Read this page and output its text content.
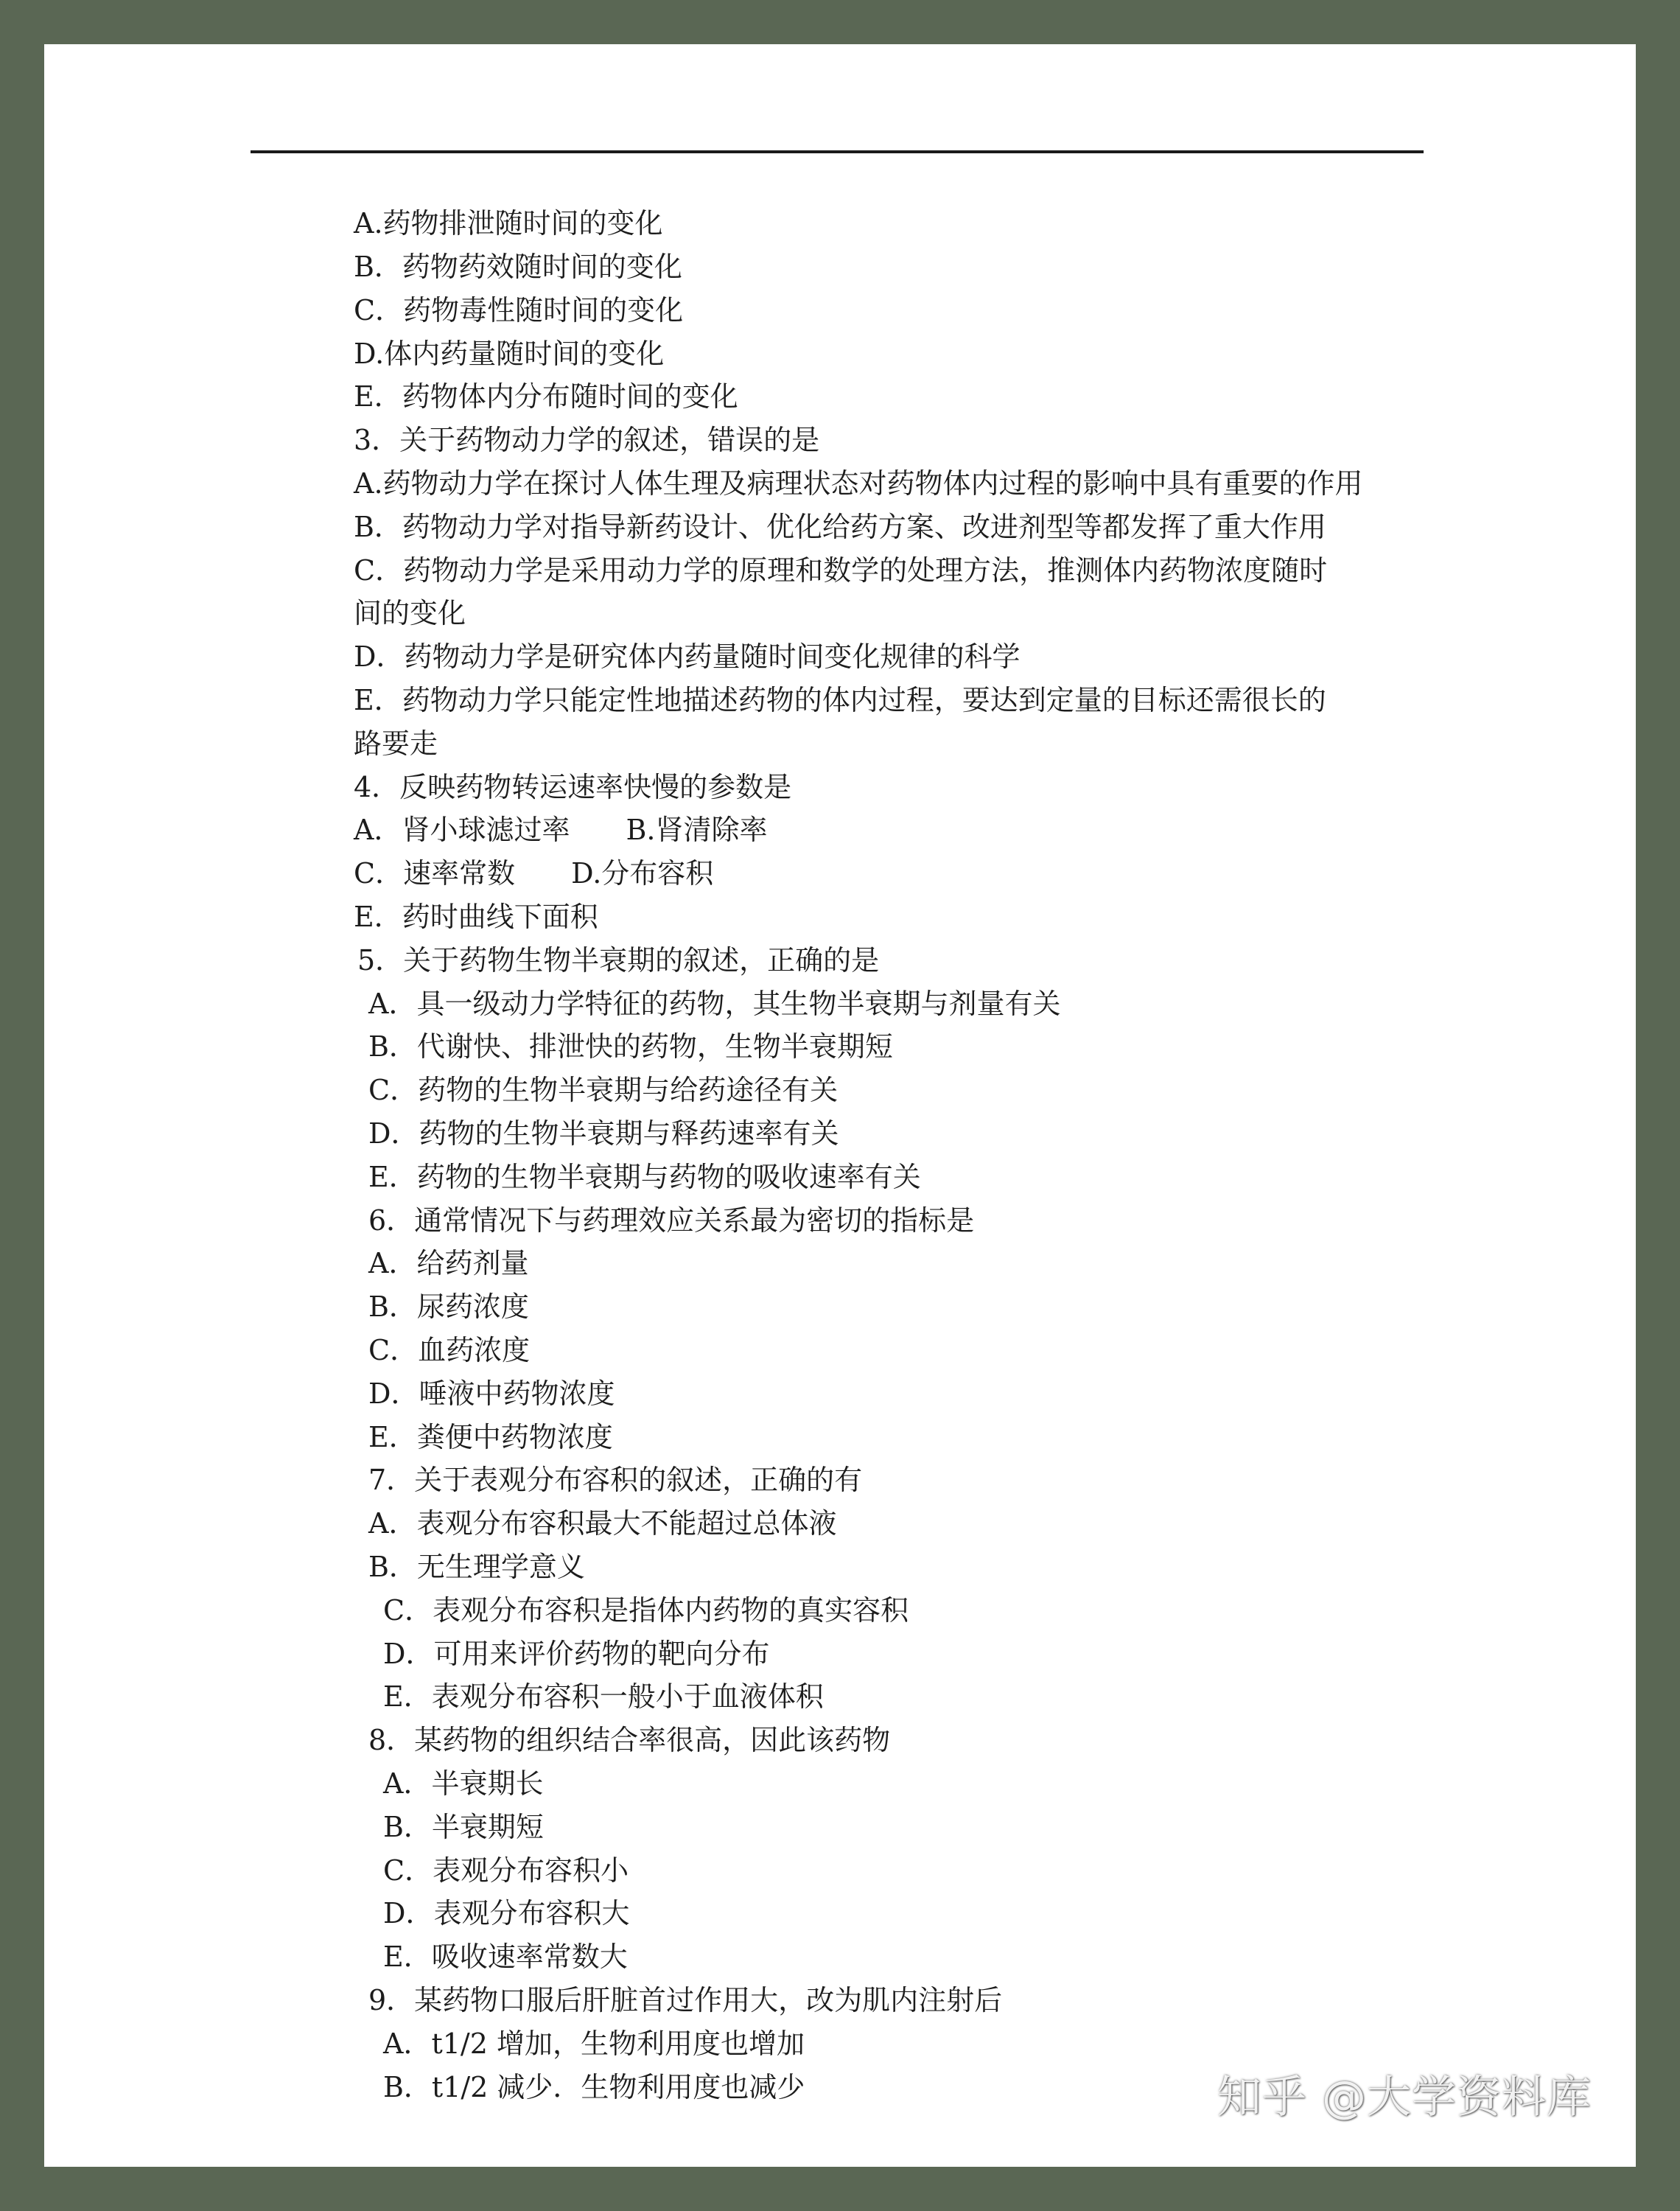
A.药物排泄随时间的变化
B．药物药效随时间的变化
C．药物毒性随时间的变化
D.体内药量随时间的变化
E．药物体内分布随时间的变化
3．关于药物动力学的叙述，错误的是
A.药物动力学在探讨人体生理及病理状态对药物体内过程的影响中具有重要的作用
B．药物动力学对指导新药设计、优化给药方案、改进剂型等都发挥了重大作用
C．药物动力学是采用动力学的原理和数学的处理方法，推测体内药物浓度随时
间的变化
D．药物动力学是研究体内药量随时间变化规律的科学
E．药物动力学只能定性地描述药物的体内过程，要达到定量的目标还需很长的
路要走
4．反映药物转运速率快慢的参数是
A．肾小球滤过率　　B.肾清除率
C．速率常数　　D.分布容积
E．药时曲线下面积
5．关于药物生物半衰期的叙述，正确的是
A．具一级动力学特征的药物，其生物半衰期与剂量有关
B．代谢快、排泄快的药物，生物半衰期短
C．药物的生物半衰期与给药途径有关
D．药物的生物半衰期与释药速率有关
E．药物的生物半衰期与药物的吸收速率有关
6．通常情况下与药理效应关系最为密切的指标是
A．给药剂量
B．尿药浓度
C．血药浓度
D．唾液中药物浓度
E．粪便中药物浓度
7．关于表观分布容积的叙述，正确的有
A．表观分布容积最大不能超过总体液
B．无生理学意义
C．表观分布容积是指体内药物的真实容积
D．可用来评价药物的靶向分布
E．表观分布容积一般小于血液体积
8．某药物的组织结合率很高，因此该药物
A．半衰期长
B．半衰期短
C．表观分布容积小
D．表观分布容积大
E．吸收速率常数大
9．某药物口服后肝脏首过作用大，改为肌内注射后
A．t1/2 增加，生物利用度也增加
B．t1/2 减少．生物利用度也减少	知乎 @大学资料库
